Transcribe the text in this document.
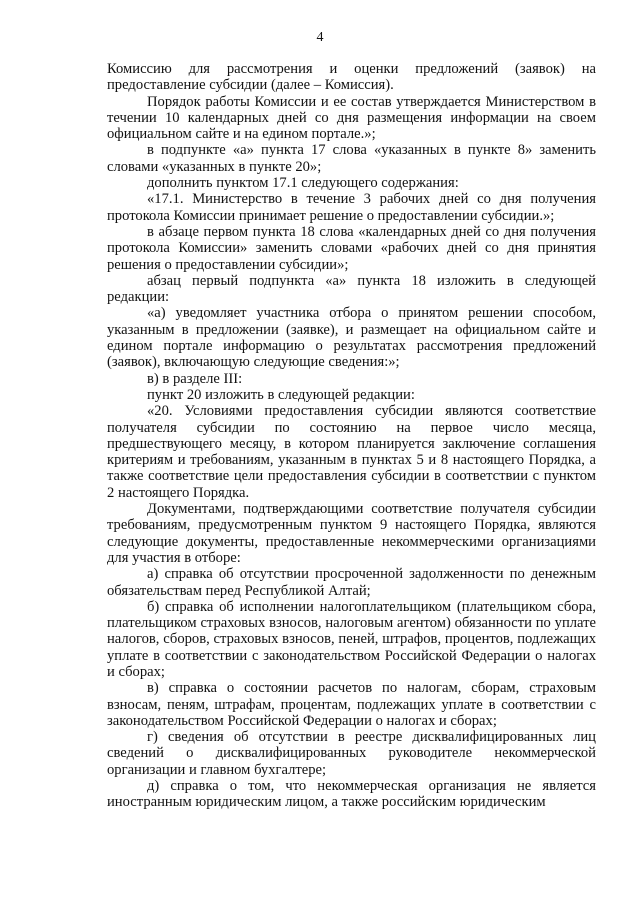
4

Комиссию для рассмотрения и оценки предложений (заявок) на предоставление субсидии (далее – Комиссия).

Порядок работы Комиссии и ее состав утверждается Министерством в течении 10 календарных дней со дня размещения информации на своем официальном сайте и на едином портале.»;

в подпункте «а» пункта 17 слова «указанных в пункте 8» заменить словами «указанных в пункте 20»;

дополнить пунктом 17.1 следующего содержания:

«17.1. Министерство в течение 3 рабочих дней со дня получения протокола Комиссии принимает решение о предоставлении субсидии.»;

в абзаце первом пункта 18 слова «календарных дней со дня получения протокола Комиссии» заменить словами «рабочих дней со дня принятия решения о предоставлении субсидии»;

абзац первый подпункта «а» пункта 18 изложить в следующей редакции:

«а) уведомляет участника отбора о принятом решении способом, указанным в предложении (заявке), и размещает на официальном сайте и едином портале информацию о результатах рассмотрения предложений (заявок), включающую следующие сведения:»;

в) в разделе III:

пункт 20 изложить в следующей редакции:

«20. Условиями предоставления субсидии являются соответствие получателя субсидии по состоянию на первое число месяца, предшествующего месяцу, в котором планируется заключение соглашения критериям и требованиям, указанным в пунктах 5 и 8 настоящего Порядка, а также соответствие цели предоставления субсидии в соответствии с пунктом 2 настоящего Порядка.

Документами, подтверждающими соответствие получателя субсидии требованиям, предусмотренным пунктом 9 настоящего Порядка, являются следующие документы, предоставленные некоммерческими организациями для участия в отборе:

а) справка об отсутствии просроченной задолженности по денежным обязательствам перед Республикой Алтай;

б) справка об исполнении налогоплательщиком (плательщиком сбора, плательщиком страховых взносов, налоговым агентом) обязанности по уплате налогов, сборов, страховых взносов, пеней, штрафов, процентов, подлежащих уплате в соответствии с законодательством Российской Федерации о налогах и сборах;

в) справка о состоянии расчетов по налогам, сборам, страховым взносам, пеням, штрафам, процентам, подлежащих уплате в соответствии с законодательством Российской Федерации о налогах и сборах;

г) сведения об отсутствии в реестре дисквалифицированных лиц сведений о дисквалифицированных руководителе некоммерческой организации и главном бухгалтере;

д) справка о том, что некоммерческая организация не является иностранным юридическим лицом, а также российским юридическим
